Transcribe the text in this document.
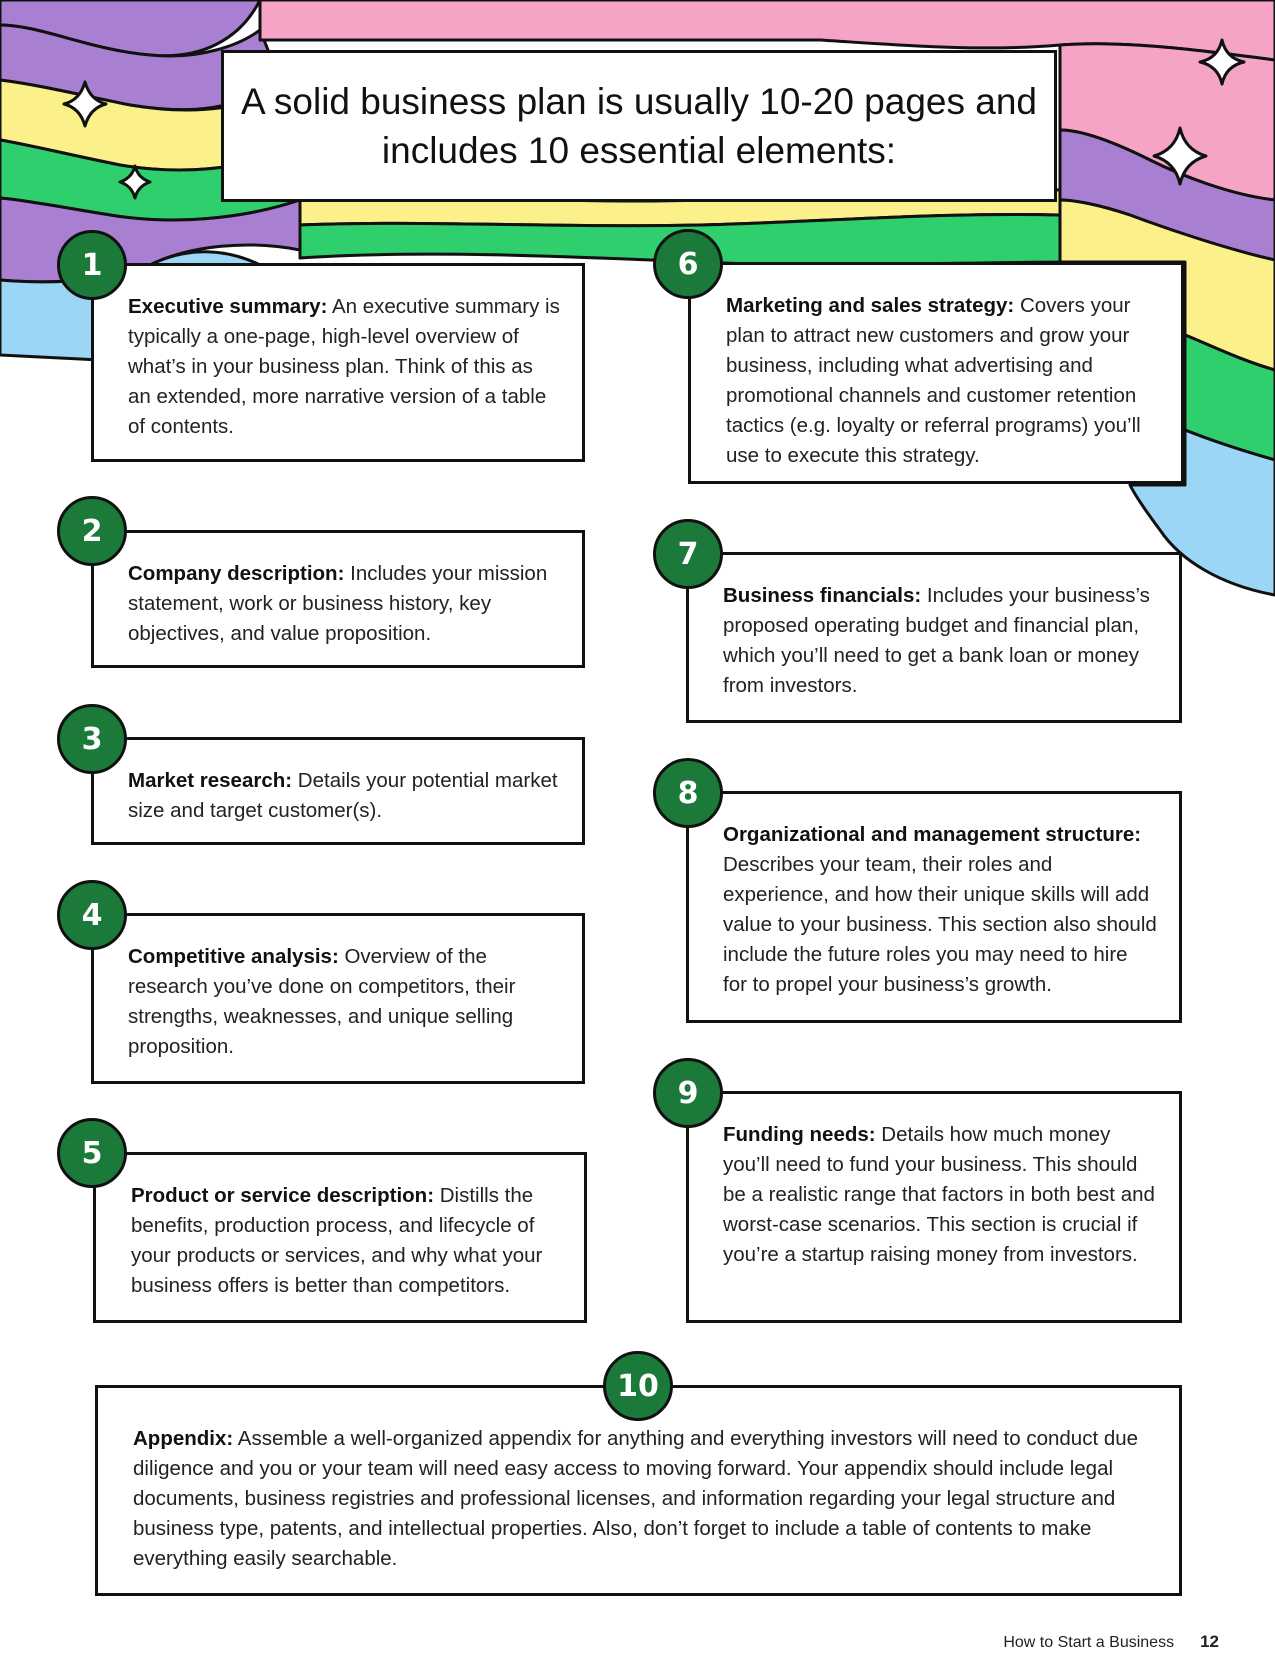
A solid business plan is usually 10-20 pages and includes 10 essential elements:
Executive summary: An executive summary is typically a one-page, high-level overview of what’s in your business plan. Think of this as an extended, more narrative version of a table of contents.
1
Company description: Includes your mission statement, work or business history, key objectives, and value proposition.
2
Market research: Details your potential market size and target customer(s).
3
Competitive analysis: Overview of the research you’ve done on competitors, their strengths, weaknesses, and unique selling proposition.
4
Product or service description: Distills the benefits, production process, and lifecycle of your products or services, and why what your business offers is better than competitors.
5
Marketing and sales strategy: Covers your plan to attract new customers and grow your business, including what advertising and promotional channels and customer retention tactics (e.g. loyalty or referral programs) you’ll use to execute this strategy.
6
Business financials: Includes your business’s proposed operating budget and financial plan, which you’ll need to get a bank loan or money from investors.
7
Organizational and management structure: Describes your team, their roles and experience, and how their unique skills will add value to your business. This section also should include the future roles you may need to hire for to propel your business’s growth.
8
Funding needs: Details how much money you’ll need to fund your business. This should be a realistic range that factors in both best and worst-case scenarios. This section is crucial if you’re a startup raising money from investors.
9
Appendix: Assemble a well-organized appendix for anything and everything investors will need to conduct due diligence and you or your team will need easy access to moving forward. Your appendix should include legal documents, business registries and professional licenses, and information regarding your legal structure and business type, patents, and intellectual properties. Also, don’t forget to include a table of contents to make everything easily searchable.
10
How to Start a Business 12
